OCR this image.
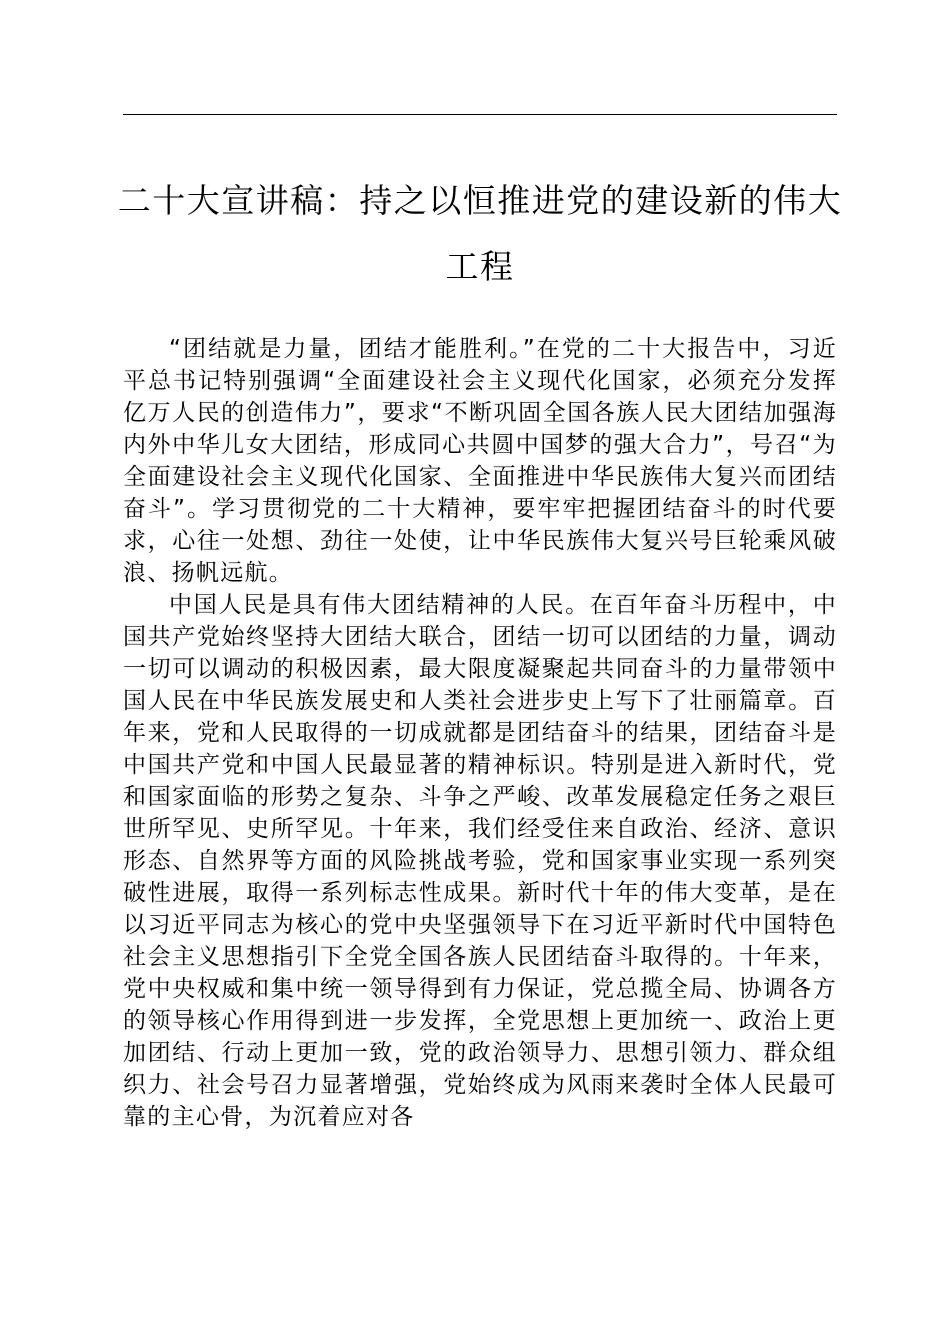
二十大宣讲稿：持之以恒推进党的建设新的伟大工程

“团结就是力量，团结才能胜利。”在党的二十大报告中，习近平总书记特别强调“全面建设社会主义现代化国家，必须充分发挥亿万人民的创造伟力”，要求“不断巩固全国各族人民大团结加强海内外中华儿女大团结，形成同心共圆中国梦的强大合力”，号召“为全面建设社会主义现代化国家、全面推进中华民族伟大复兴而团结奋斗”。学习贯彻党的二十大精神，要牢牢把握团结奋斗的时代要求，心往一处想、劲往一处使，让中华民族伟大复兴号巨轮乘风破浪、扬帆远航。

中国人民是具有伟大团结精神的人民。在百年奋斗历程中，中国共产党始终坚持大团结大联合，团结一切可以团结的力量，调动一切可以调动的积极因素，最大限度凝聚起共同奋斗的力量带领中国人民在中华民族发展史和人类社会进步史上写下了壮丽篇章。百年来，党和人民取得的一切成就都是团结奋斗的结果，团结奋斗是中国共产党和中国人民最显著的精神标识。特别是进入新时代，党和国家面临的形势之复杂、斗争之严峻、改革发展稳定任务之艰巨世所罕见、史所罕见。十年来，我们经受住来自政治、经济、意识形态、自然界等方面的风险挑战考验，党和国家事业实现一系列突破性进展，取得一系列标志性成果。新时代十年的伟大变革，是在以习近平同志为核心的党中央坚强领导下在习近平新时代中国特色社会主义思想指引下全党全国各族人民团结奋斗取得的。十年来，党中央权威和集中统一领导得到有力保证，党总揽全局、协调各方的领导核心作用得到进一步发挥，全党思想上更加统一、政治上更加团结、行动上更加一致，党的政治领导力、思想引领力、群众组织力、社会号召力显著增强，党始终成为风雨来袭时全体人民最可靠的主心骨，为沉着应对各
